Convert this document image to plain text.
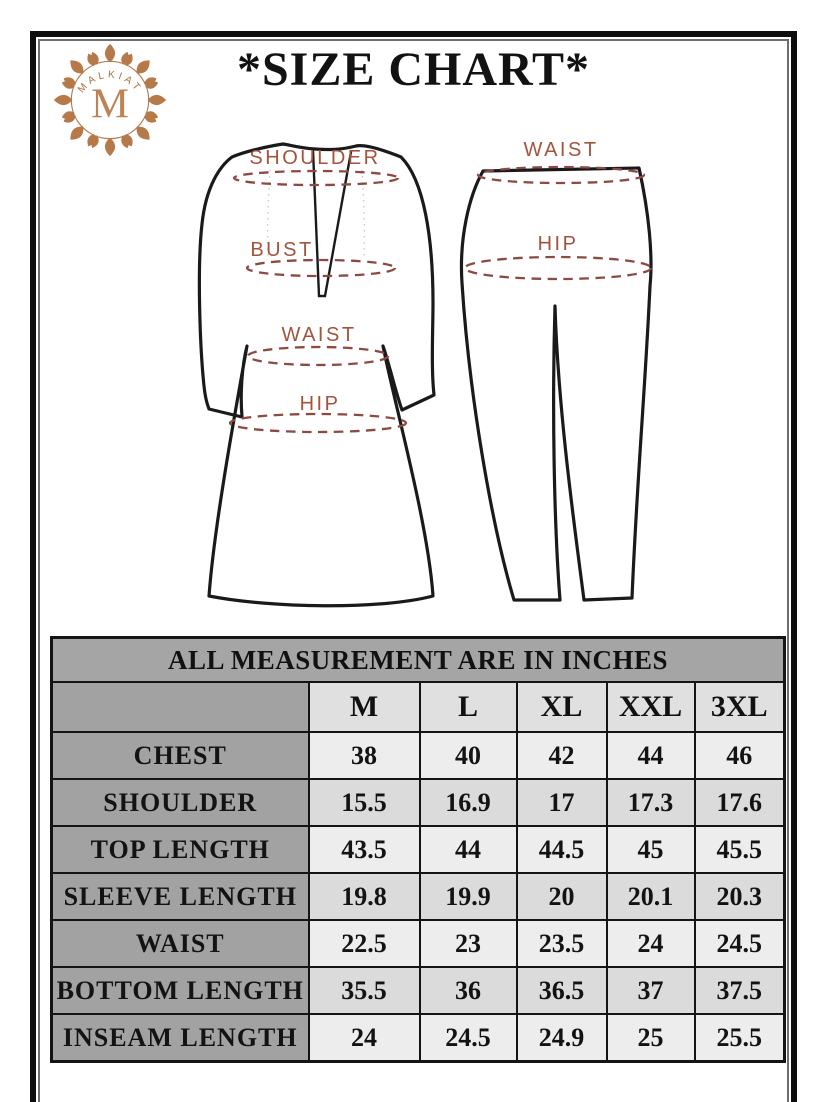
MALKIAT
M
*SIZE CHART*
SHOULDER
BUST
WAIST
HIP
WAIST
HIP
ALL MEASUREMENT ARE IN INCHES					
	M	L	XL	XXL	3XL
CHEST	38	40	42	44	46
SHOULDER	15.5	16.9	17	17.3	17.6
TOP LENGTH	43.5	44	44.5	45	45.5
SLEEVE LENGTH	19.8	19.9	20	20.1	20.3
WAIST	22.5	23	23.5	24	24.5
BOTTOM LENGTH	35.5	36	36.5	37	37.5
INSEAM LENGTH	24	24.5	24.9	25	25.5
